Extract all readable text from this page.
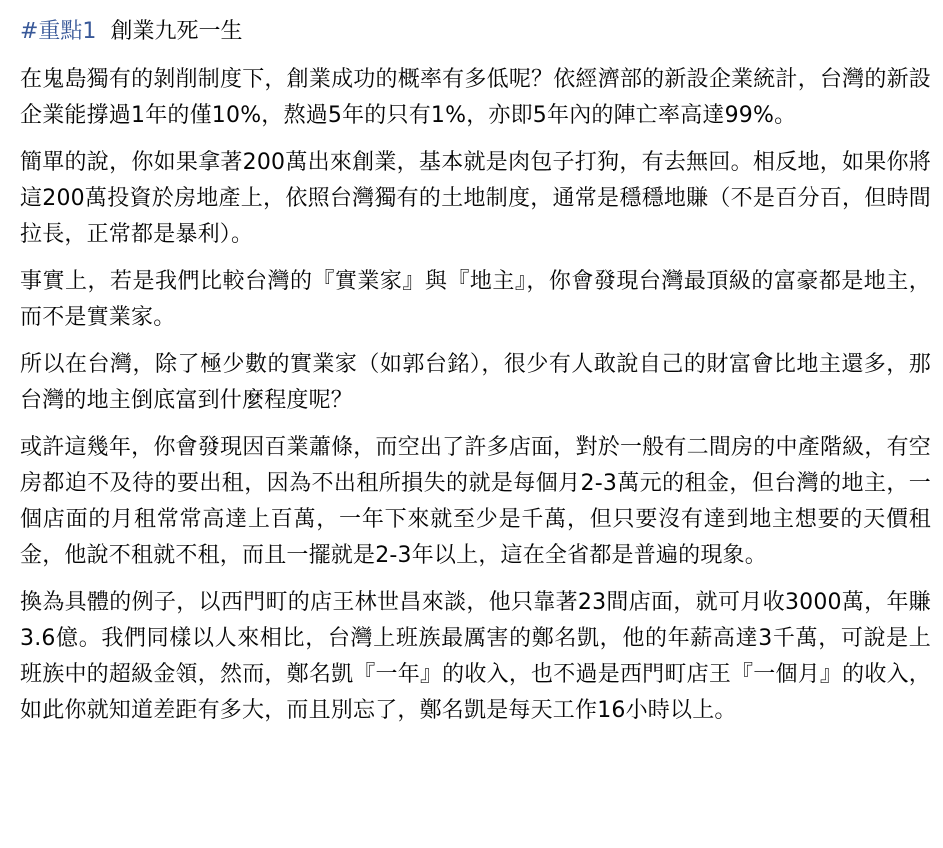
#重點1 創業九死一生

在鬼島獨有的剝削制度下，創業成功的概率有多低呢？依經濟部的新設企業統計，台灣的新設企業能撐過1年的僅10%，熬過5年的只有1%，亦即5年內的陣亡率高達99%。

簡單的說，你如果拿著200萬出來創業，基本就是肉包子打狗，有去無回。相反地，如果你將這200萬投資於房地產上，依照台灣獨有的土地制度，通常是穩穩地賺（不是百分百，但時間拉長，正常都是暴利）。

事實上，若是我們比較台灣的『實業家』與『地主』，你會發現台灣最頂級的富豪都是地主，而不是實業家。

所以在台灣，除了極少數的實業家（如郭台銘），很少有人敢說自己的財富會比地主還多，那台灣的地主倒底富到什麼程度呢？

或許這幾年，你會發現因百業蕭條，而空出了許多店面，對於一般有二間房的中產階級，有空房都迫不及待的要出租，因為不出租所損失的就是每個月2-3萬元的租金，但台灣的地主，一個店面的月租常常高達上百萬，一年下來就至少是千萬，但只要沒有達到地主想要的天價租金，他說不租就不租，而且一擺就是2-3年以上，這在全省都是普遍的現象。

換為具體的例子，以西門町的店王林世昌來談，他只靠著23間店面，就可月收3000萬，年賺3.6億。我們同樣以人來相比，台灣上班族最厲害的鄭名凱，他的年薪高達3千萬，可說是上班族中的超級金領，然而，鄭名凱『一年』的收入，也不過是西門町店王『一個月』的收入，如此你就知道差距有多大，而且別忘了，鄭名凱是每天工作16小時以上。
